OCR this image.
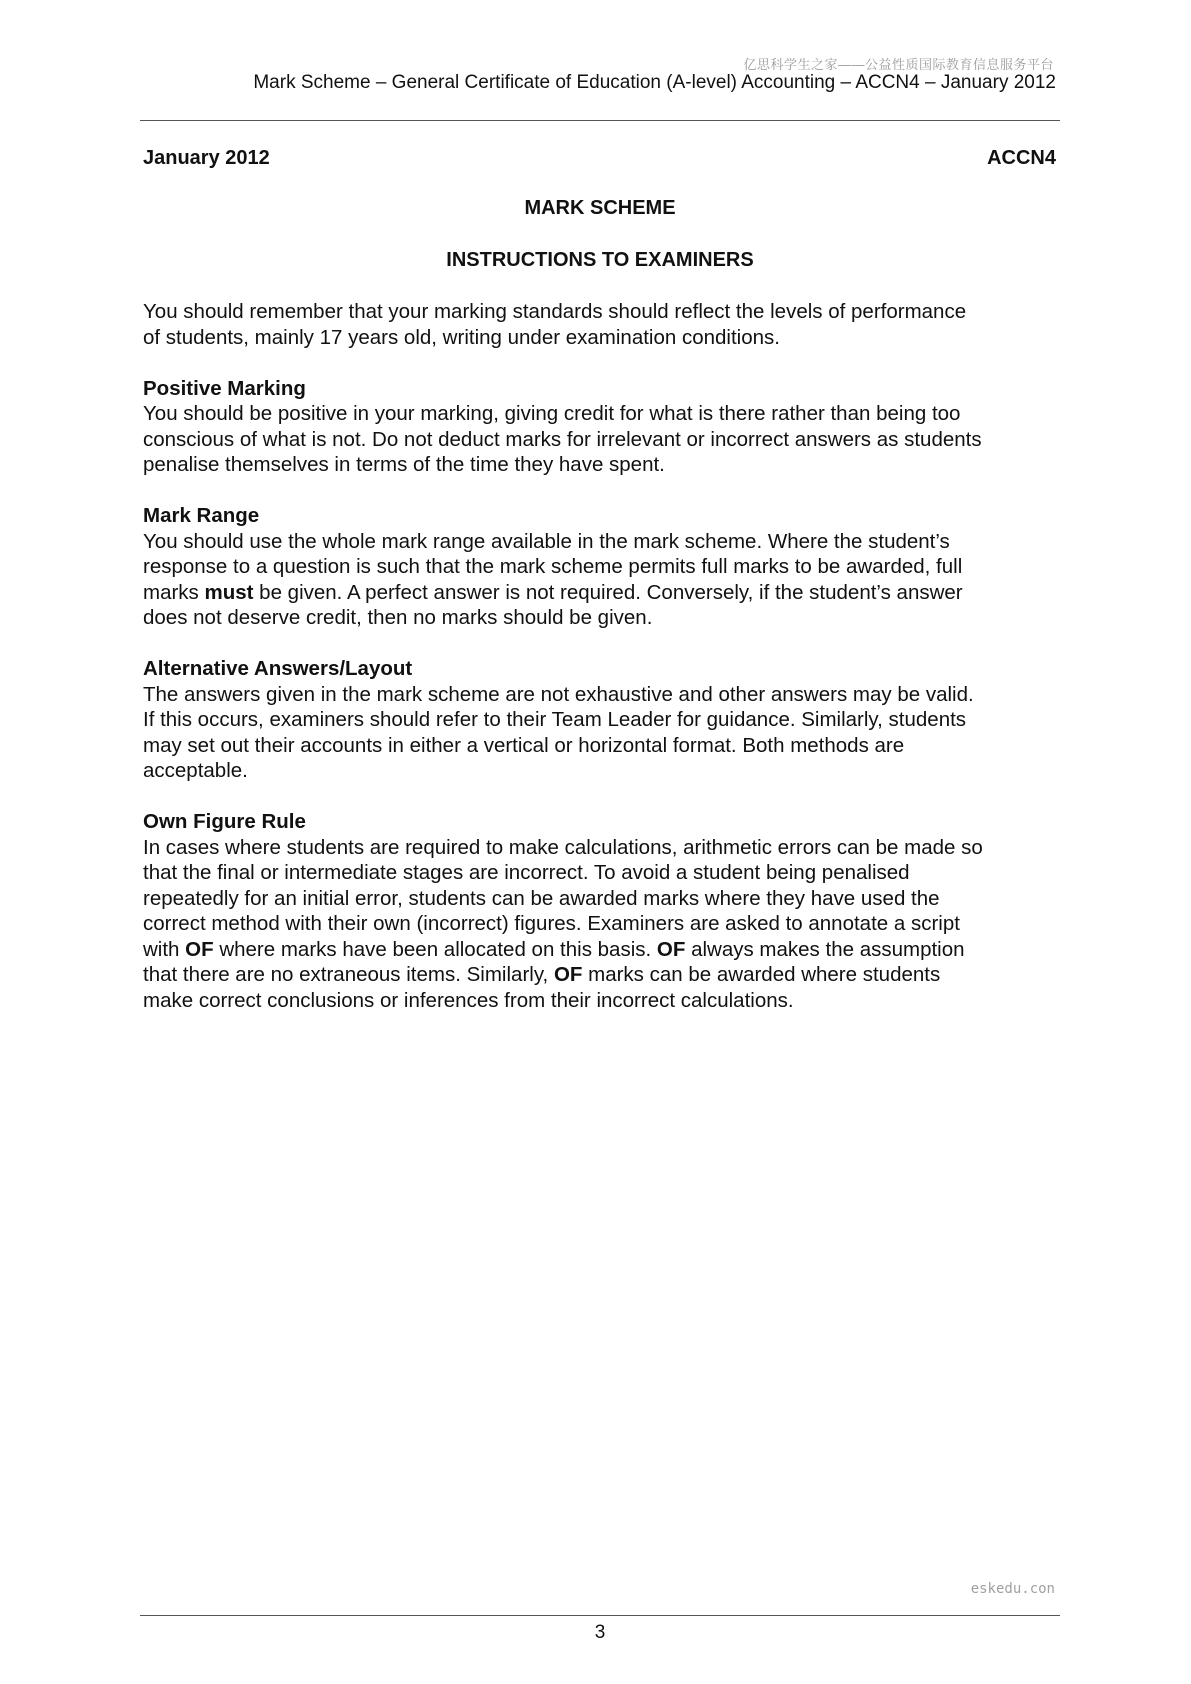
亿思科学生之家——公益性质国际教育信息服务平台
Mark Scheme – General Certificate of Education (A-level) Accounting – ACCN4 – January 2012
January 2012	ACCN4
MARK SCHEME
INSTRUCTIONS TO EXAMINERS

You should remember that your marking standards should reflect the levels of performance
of students, mainly 17 years old, writing under examination conditions.

Positive Marking
You should be positive in your marking, giving credit for what is there rather than being too
conscious of what is not. Do not deduct marks for irrelevant or incorrect answers as students
penalise themselves in terms of the time they have spent.

Mark Range
You should use the whole mark range available in the mark scheme. Where the student’s
response to a question is such that the mark scheme permits full marks to be awarded, full
marks must be given. A perfect answer is not required. Conversely, if the student’s answer
does not deserve credit, then no marks should be given.

Alternative Answers/Layout
The answers given in the mark scheme are not exhaustive and other answers may be valid.
If this occurs, examiners should refer to their Team Leader for guidance. Similarly, students
may set out their accounts in either a vertical or horizontal format. Both methods are
acceptable.

Own Figure Rule
In cases where students are required to make calculations, arithmetic errors can be made so
that the final or intermediate stages are incorrect. To avoid a student being penalised
repeatedly for an initial error, students can be awarded marks where they have used the
correct method with their own (incorrect) figures. Examiners are asked to annotate a script
with OF where marks have been allocated on this basis. OF always makes the assumption
that there are no extraneous items. Similarly, OF marks can be awarded where students
make correct conclusions or inferences from their incorrect calculations.

eskedu.con
3
